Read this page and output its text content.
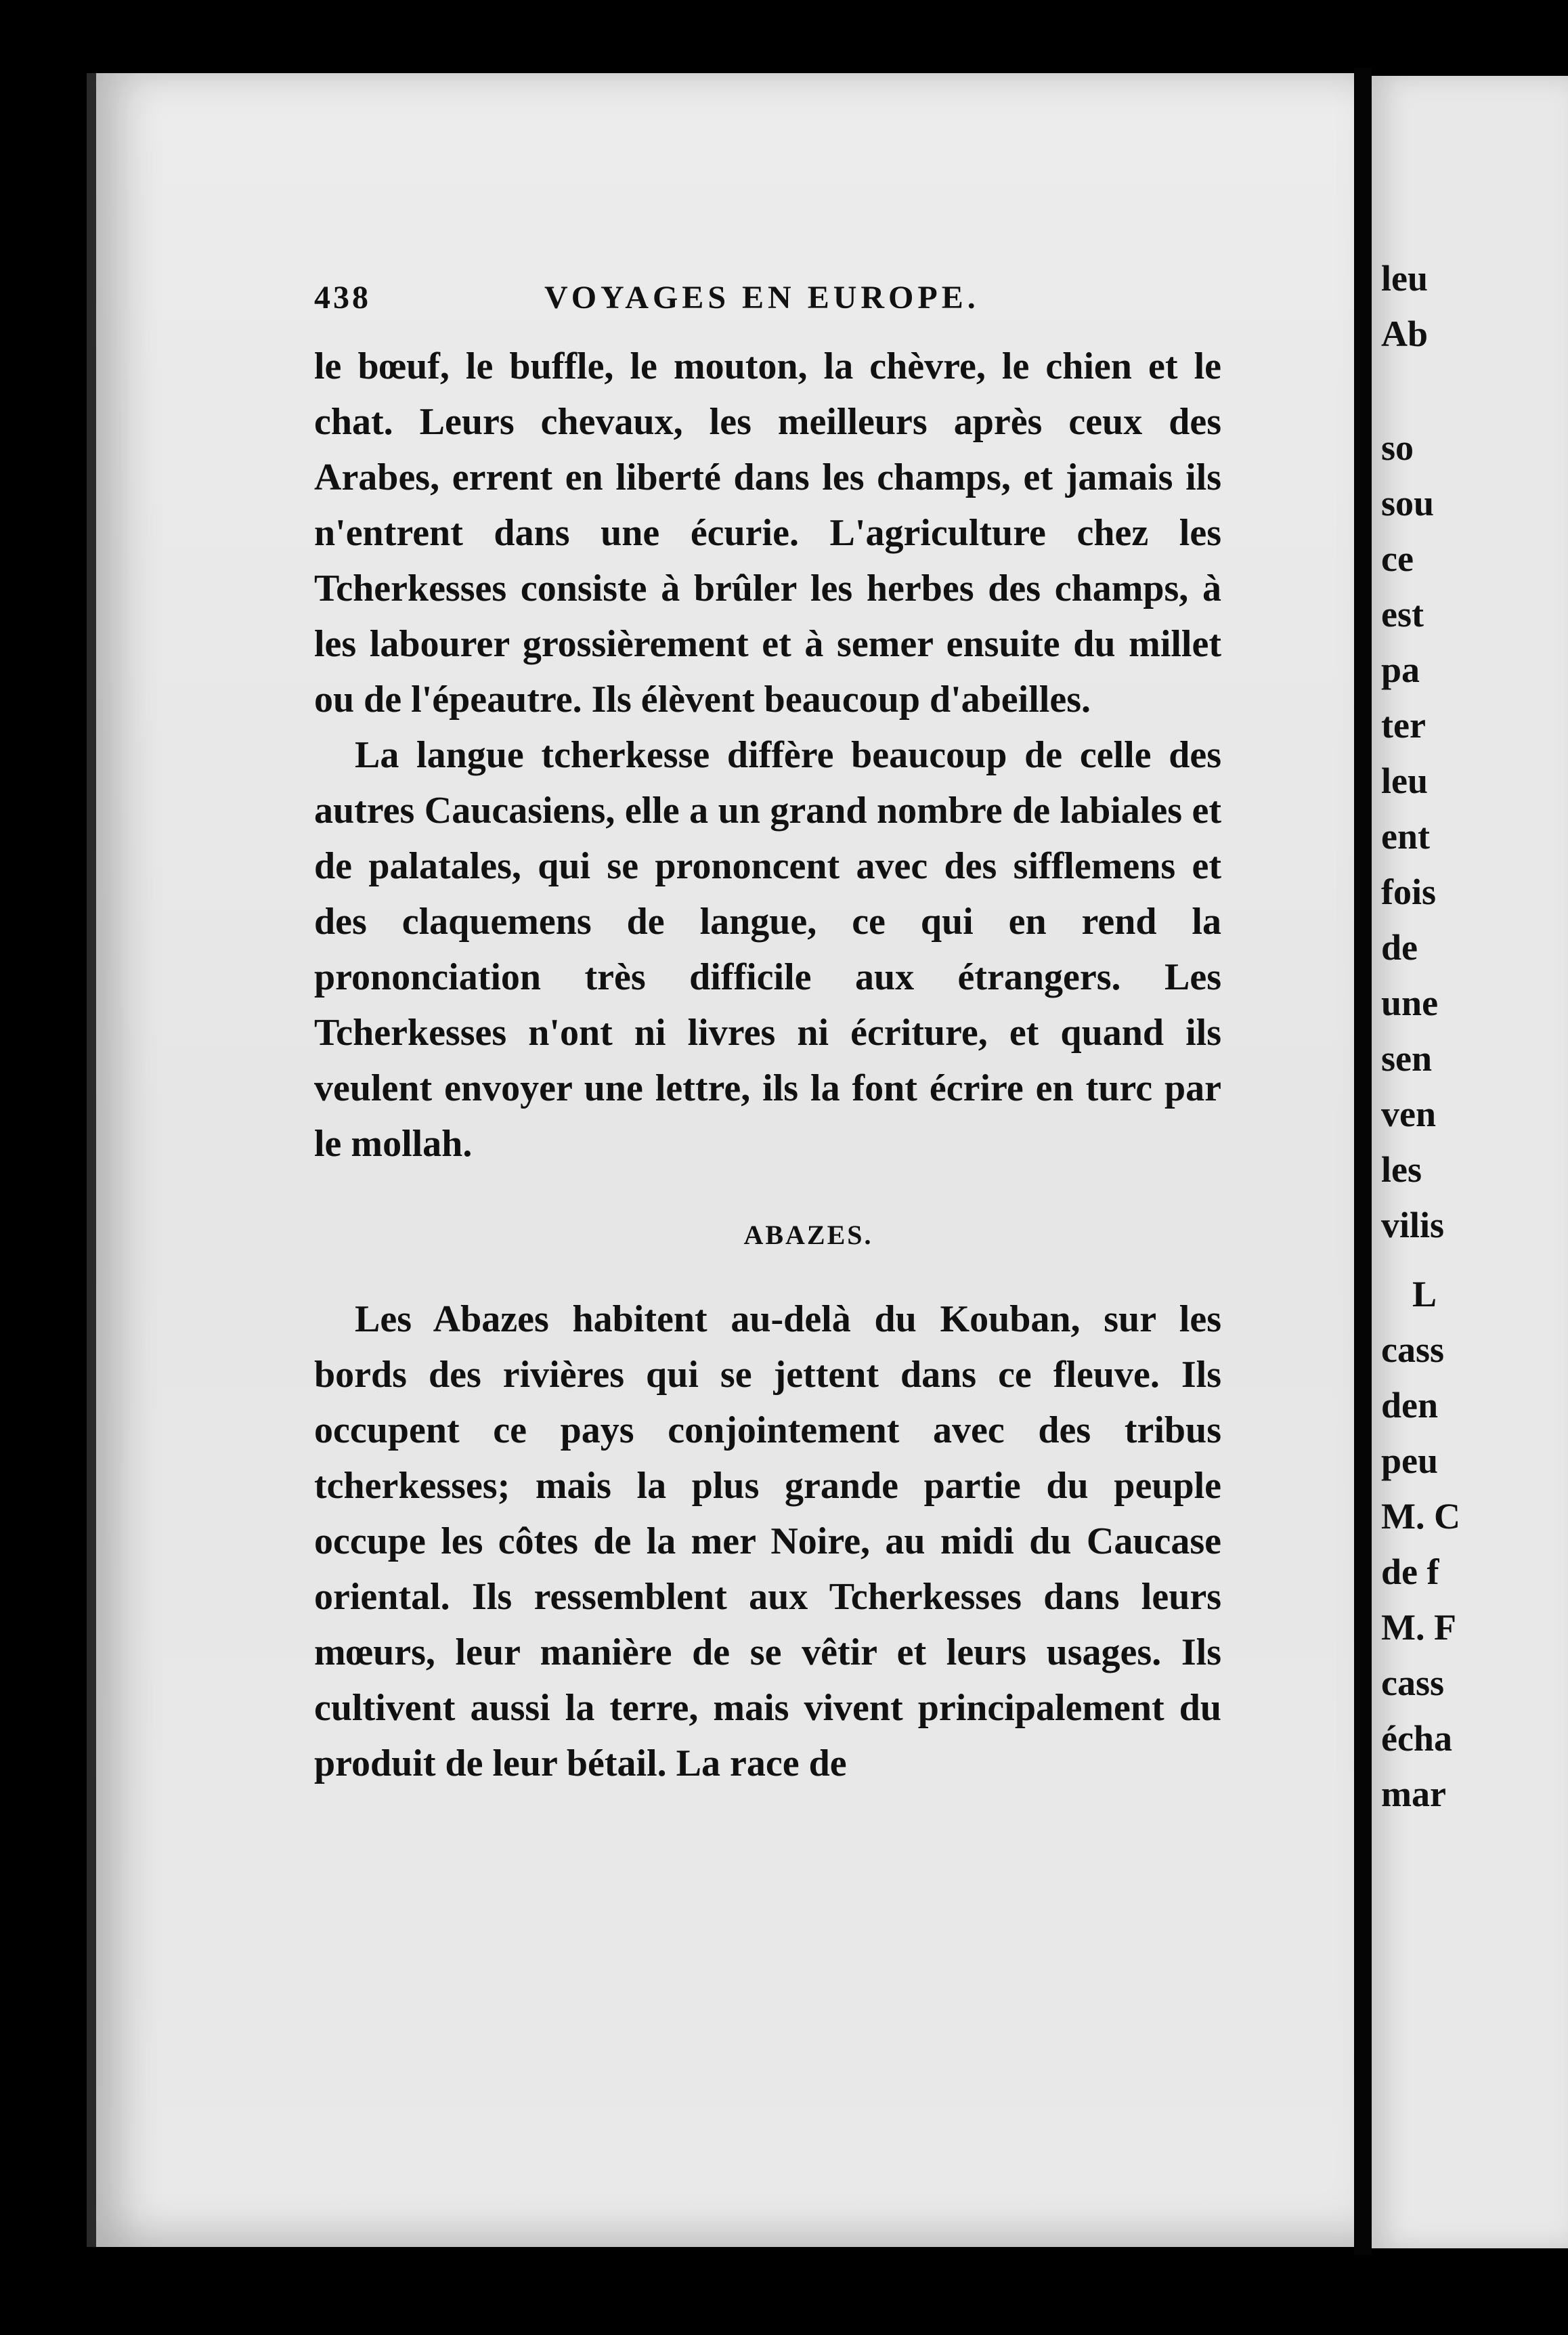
438	VOYAGES EN EUROPE.

le bœuf, le buffle, le mouton, la chèvre, le chien et le chat. Leurs chevaux, les meilleurs après ceux des Arabes, errent en liberté dans les champs, et jamais ils n'entrent dans une écurie. L'agriculture chez les Tcherkesses consiste à brûler les herbes des champs, à les labourer grossièrement et à semer ensuite du millet ou de l'épeautre. Ils élèvent beaucoup d'abeilles.

La langue tcherkesse diffère beaucoup de celle des autres Caucasiens, elle a un grand nombre de labiales et de palatales, qui se prononcent avec des sifflemens et des claquemens de langue, ce qui en rend la prononciation très difficile aux étrangers. Les Tcherkesses n'ont ni livres ni écriture, et quand ils veulent envoyer une lettre, ils la font écrire en turc par le mollah.

ABAZES.

Les Abazes habitent au-delà du Kouban, sur les bords des rivières qui se jettent dans ce fleuve. Ils occupent ce pays conjointement avec des tribus tcherkesses; mais la plus grande partie du peuple occupe les côtes de la mer Noire, au midi du Caucase oriental. Ils ressemblent aux Tcherkesses dans leurs mœurs, leur manière de se vêtir et leurs usages. Ils cultivent aussi la terre, mais vivent principalement du produit de leur bétail. La race de

leu
Ab
so
sou
ce
est
pa
ter
leu
ent
fois
de
une
sen
ven
les
vilis
L
cass
den
peu
M. C
de f
M. F
cass
écha
mar
